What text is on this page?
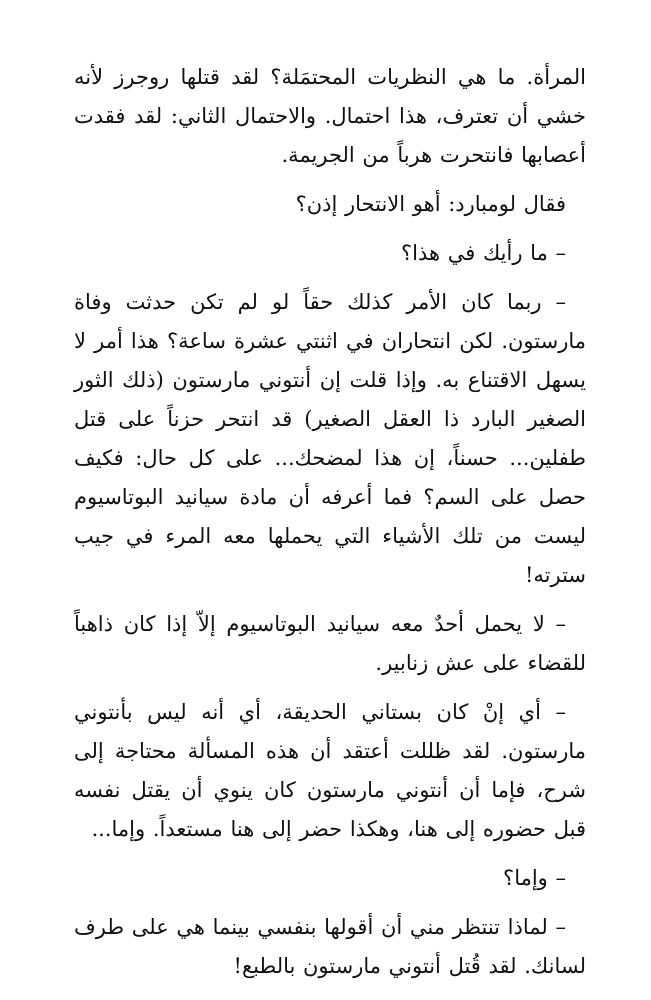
المرأة. ما هي النظريات المحتمَلة؟ لقد قتلها روجرز لأنه خشي أن تعترف، هذا احتمال. والاحتمال الثاني: لقد فقدت أعصابها فانتحرت هرباً من الجريمة.

فقال لومبارد: أهو الانتحار إذن؟

– ما رأيك في هذا؟

– ربما كان الأمر كذلك حقاً لو لم تكن حدثت وفاة مارستون. لكن انتحاران في اثنتي عشرة ساعة؟ هذا أمر لا يسهل الاقتناع به. وإذا قلت إن أنتوني مارستون (ذلك الثور الصغير البارد ذا العقل الصغير) قد انتحر حزناً على قتل طفلين... حسناً، إن هذا لمضحك... على كل حال: فكيف حصل على السم؟ فما أعرفه أن مادة سيانيد البوتاسيوم ليست من تلك الأشياء التي يحملها معه المرء في جيب سترته!

– لا يحمل أحدٌ معه سيانيد البوتاسيوم إلاّ إذا كان ذاهباً للقضاء على عش زنابير.

– أي إنْ كان بستاني الحديقة، أي أنه ليس بأنتوني مارستون. لقد ظللت أعتقد أن هذه المسألة محتاجة إلى شرح، فإما أن أنتوني مارستون كان ينوي أن يقتل نفسه قبل حضوره إلى هنا، وهكذا حضر إلى هنا مستعداً. وإما...

– وإما؟

– لماذا تنتظر مني أن أقولها بنفسي بينما هي على طرف لسانك. لقد قُتل أنتوني مارستون بالطبع!
